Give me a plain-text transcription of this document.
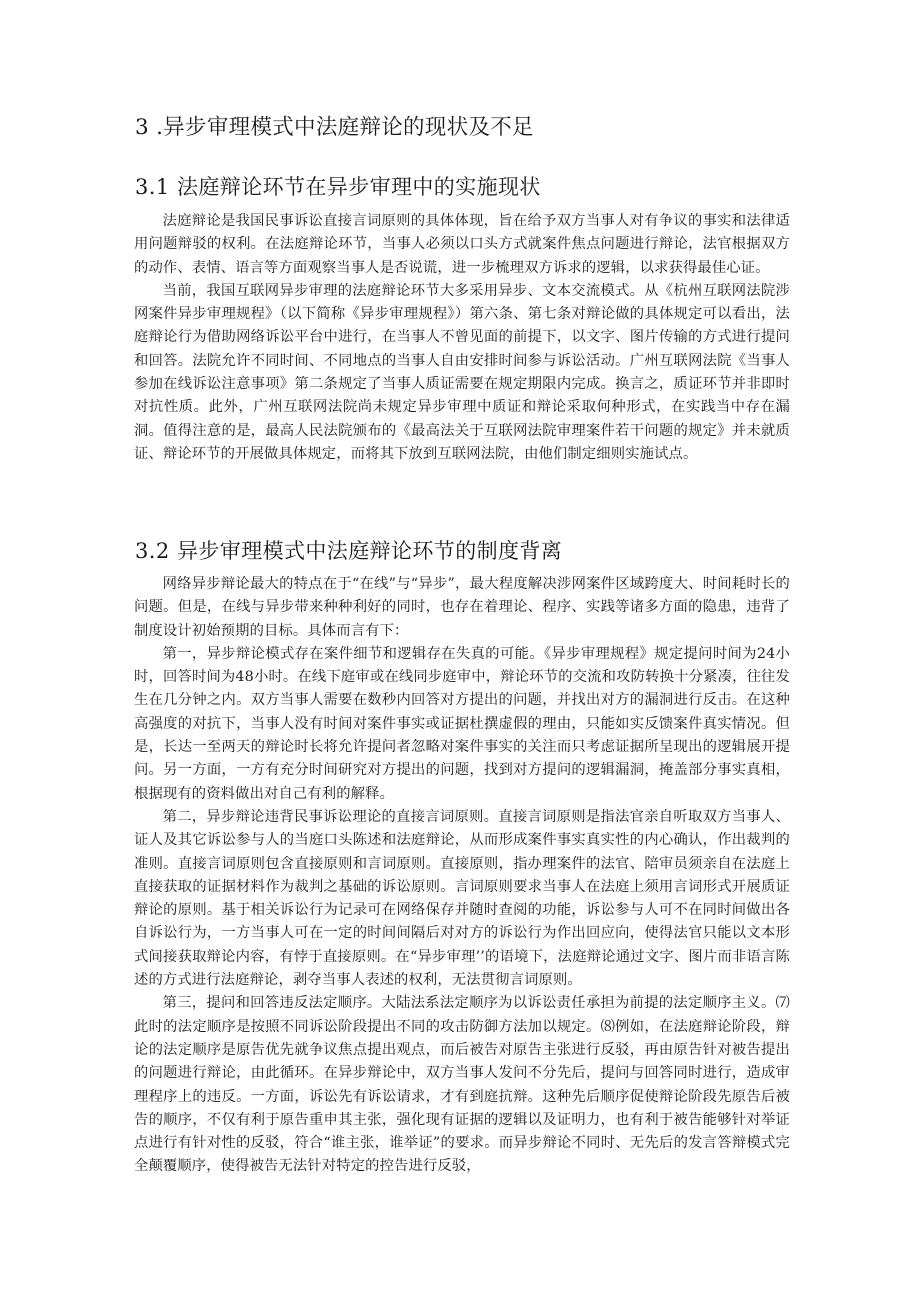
3 .异步审理模式中法庭辩论的现状及不足
3.1 法庭辩论环节在异步审理中的实施现状

法庭辩论是我国民事诉讼直接言词原则的具体体现，旨在给予双方当事人对有争议的事实和法律适用问题辩驳的权利。在法庭辩论环节，当事人必须以口头方式就案件焦点问题进行辩论，法官根据双方的动作、表情、语言等方面观察当事人是否说谎，进一步梳理双方诉求的逻辑，以求获得最佳心证。

当前，我国互联网异步审理的法庭辩论环节大多采用异步、文本交流模式。从《杭州互联网法院涉网案件异步审理规程》（以下简称《异步审理规程》）第六条、第七条对辩论做的具体规定可以看出，法庭辩论行为借助网络诉讼平台中进行，在当事人不曾见面的前提下，以文字、图片传输的方式进行提问和回答。法院允许不同时间、不同地点的当事人自由安排时间参与诉讼活动。广州互联网法院《当事人参加在线诉讼注意事项》第二条规定了当事人质证需要在规定期限内完成。换言之，质证环节并非即时对抗性质。此外，广州互联网法院尚未规定异步审理中质证和辩论采取何种形式，在实践当中存在漏洞。值得注意的是，最高人民法院颁布的《最高法关于互联网法院审理案件若干问题的规定》并未就质证、辩论环节的开展做具体规定，而将其下放到互联网法院，由他们制定细则实施试点。

3.2 异步审理模式中法庭辩论环节的制度背离

网络异步辩论最大的特点在于“在线”与“异步”，最大程度解决涉网案件区域跨度大、时间耗时长的问题。但是，在线与异步带来种种利好的同时，也存在着理论、程序、实践等诸多方面的隐患，违背了制度设计初始预期的目标。具体而言有下：

第一，异步辩论模式存在案件细节和逻辑存在失真的可能。《异步审理规程》规定提问时间为24小时，回答时间为48小时。在线下庭审或在线同步庭审中，辩论环节的交流和攻防转换十分紧凑，往往发生在几分钟之内。双方当事人需要在数秒内回答对方提出的问题，并找出对方的漏洞进行反击。在这种高强度的对抗下，当事人没有时间对案件事实或证据杜撰虚假的理由，只能如实反馈案件真实情况。但是，长达一至两天的辩论时长将允许提问者忽略对案件事实的关注而只考虑证据所呈现出的逻辑展开提问。另一方面，一方有充分时间研究对方提出的问题，找到对方提问的逻辑漏洞，掩盖部分事实真相，根据现有的资料做出对自己有利的解释。

第二，异步辩论违背民事诉讼理论的直接言词原则。直接言词原则是指法官亲自听取双方当事人、证人及其它诉讼参与人的当庭口头陈述和法庭辩论，从而形成案件事实真实性的内心确认，作出裁判的准则。直接言词原则包含直接原则和言词原则。直接原则，指办理案件的法官、陪审员须亲自在法庭上直接获取的证据材料作为裁判之基础的诉讼原则。言词原则要求当事人在法庭上须用言词形式开展质证辩论的原则。基于相关诉讼行为记录可在网络保存并随时查阅的功能，诉讼参与人可不在同时间做出各自诉讼行为，一方当事人可在一定的时间间隔后对对方的诉讼行为作出回应向，使得法官只能以文本形式间接获取辩论内容，有悖于直接原则。在“异步审理’’的语境下，法庭辩论通过文字、图片而非语言陈述的方式进行法庭辩论，剥夺当事人表述的权利，无法贯彻言词原则。

第三，提问和回答违反法定顺序。大陆法系法定顺序为以诉讼责任承担为前提的法定顺序主义。⑺此时的法定顺序是按照不同诉讼阶段提出不同的攻击防御方法加以规定。⑻例如，在法庭辩论阶段，辩论的法定顺序是原告优先就争议焦点提出观点，而后被告对原告主张进行反驳，再由原告针对被告提出的问题进行辩论，由此循环。在异步辩论中，双方当事人发问不分先后，提问与回答同时进行，造成审理程序上的违反。一方面，诉讼先有诉讼请求，才有到庭抗辩。这种先后顺序促使辩论阶段先原告后被告的顺序，不仅有利于原告重申其主张，强化现有证据的逻辑以及证明力，也有利于被告能够针对举证点进行有针对性的反驳，符合“谁主张，谁举证”的要求。而异步辩论不同时、无先后的发言答辩模式完全颠覆顺序，使得被告无法针对特定的控告进行反驳，
